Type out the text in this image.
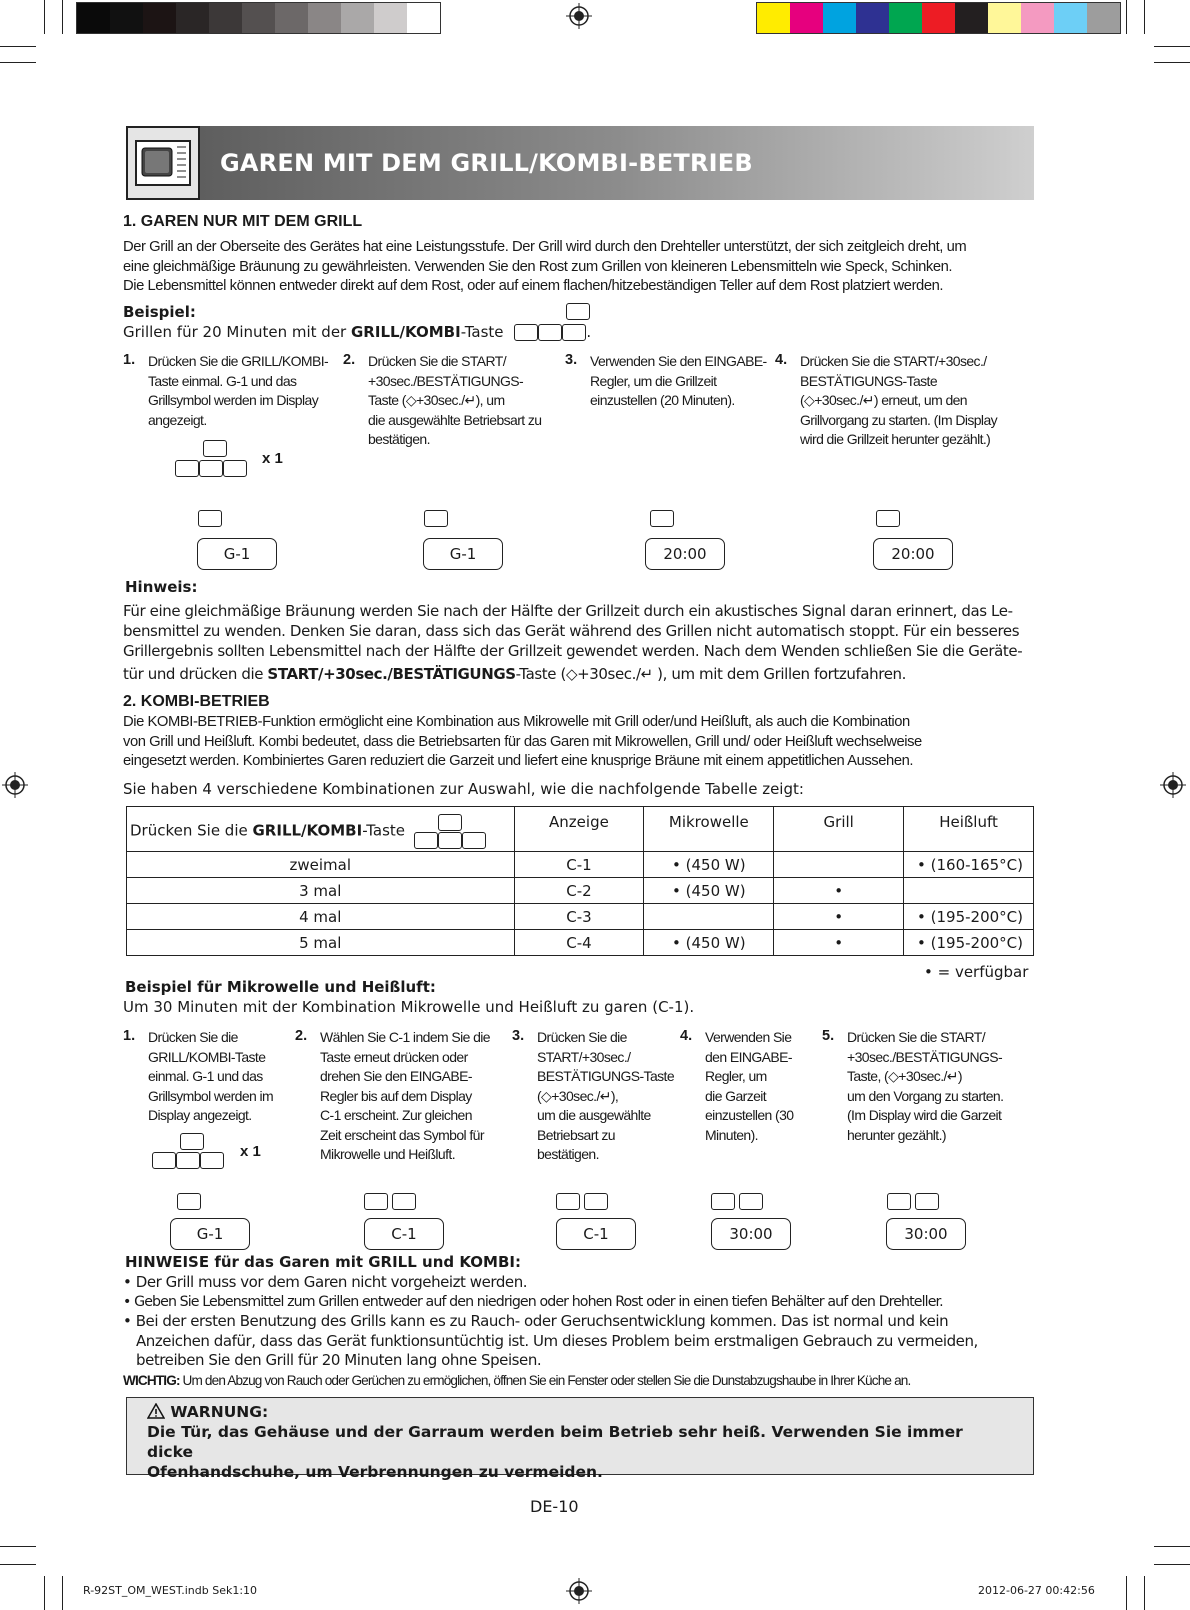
GAREN MIT DEM GRILL/KOMBI-BETRIEB
1. GAREN NUR MIT DEM GRILL
Der Grill an der Oberseite des Gerätes hat eine Leistungsstufe. Der Grill wird durch den Drehteller unterstützt, der sich zeitgleich dreht, um
eine gleichmäßige Bräunung zu gewährleisten. Verwenden Sie den Rost zum Grillen von kleineren Lebensmitteln wie Speck, Schinken.
Die Lebensmittel können entweder direkt auf dem Rost, oder auf einem flachen/hitzebeständigen Teller auf dem Rost platziert werden.
Beispiel:
Grillen für 20 Minuten mit der GRILL/KOMBI-Taste	.
1. Drücken Sie die GRILL/KOMBI-
Taste einmal. G-1 und das
Grillsymbol werden im Display
angezeigt.
x 1
2. Drücken Sie die START/
+30sec./BESTÄTIGUNGS-
Taste (◇+30sec./↵), um
die ausgewählte Betriebsart zu
bestätigen.
3. Verwenden Sie den EINGABE-
Regler, um die Grillzeit
einzustellen (20 Minuten).
4. Drücken Sie die START/+30sec./
BESTÄTIGUNGS-Taste
(◇+30sec./↵) erneut, um den
Grillvorgang zu starten. (Im Display
wird die Grillzeit herunter gezählt.)
G-1	G-1	20:00	20:00
Hinweis:
Für eine gleichmäßige Bräunung werden Sie nach der Hälfte der Grillzeit durch ein akustisches Signal daran erinnert, das Le-
bensmittel zu wenden. Denken Sie daran, dass sich das Gerät während des Grillen nicht automatisch stoppt. Für ein besseres
Grillergebnis sollten Lebensmittel nach der Hälfte der Grillzeit gewendet werden. Nach dem Wenden schließen Sie die Geräte-
tür und drücken die START/+30sec./BESTÄTIGUNGS-Taste (◇+30sec./↵ ), um mit dem Grillen fortzufahren.
2. KOMBI-BETRIEB
Die KOMBI-BETRIEB-Funktion ermöglicht eine Kombination aus Mikrowelle mit Grill oder/und Heißluft, als auch die Kombination
von Grill und Heißluft. Kombi bedeutet, dass die Betriebsarten für das Garen mit Mikrowellen, Grill und/ oder Heißluft wechselweise
eingesetzt werden. Kombiniertes Garen reduziert die Garzeit und liefert eine knusprige Bräune mit einem appetitlichen Aussehen.
Sie haben 4 verschiedene Kombinationen zur Auswahl, wie die nachfolgende Tabelle zeigt:
Drücken Sie die GRILL/KOMBI-Taste	Anzeige	Mikrowelle	Grill	Heißluft
zweimal	C-1	• (450 W)		• (160-165°C)
3 mal	C-2	• (450 W)	•	
4 mal	C-3		•	• (195-200°C)
5 mal	C-4	• (450 W)	•	• (195-200°C)
• = verfügbar
Beispiel für Mikrowelle und Heißluft:
Um 30 Minuten mit der Kombination Mikrowelle und Heißluft zu garen (C-1).
1. Drücken Sie die
GRILL/KOMBI-Taste
einmal. G-1 und das
Grillsymbol werden im
Display angezeigt.
x 1
2. Wählen Sie C-1 indem Sie die
Taste erneut drücken oder
drehen Sie den EINGABE-
Regler bis auf dem Display
C-1 erscheint. Zur gleichen
Zeit erscheint das Symbol für
Mikrowelle und Heißluft.
3. Drücken Sie die
START/+30sec./
BESTÄTIGUNGS-Taste
(◇+30sec./↵),
um die ausgewählte
Betriebsart zu
bestätigen.
4. Verwenden Sie
den EINGABE-
Regler, um
die Garzeit
einzustellen (30
Minuten).
5. Drücken Sie die START/
+30sec./BESTÄTIGUNGS-
Taste, (◇+30sec./↵)
um den Vorgang zu starten.
(Im Display wird die Garzeit
herunter gezählt.)
G-1
	C-1
	C-1
	30:00
	30:00
HINWEISE für das Garen mit GRILL und KOMBI:
• Der Grill muss vor dem Garen nicht vorgeheizt werden.
• Geben Sie Lebensmittel zum Grillen entweder auf den niedrigen oder hohen Rost oder in einen tiefen Behälter auf den Drehteller.
• Bei der ersten Benutzung des Grills kann es zu Rauch- oder Geruchsentwicklung kommen. Das ist normal und kein
Anzeichen dafür, dass das Gerät funktionsuntüchtig ist. Um dieses Problem beim erstmaligen Gebrauch zu vermeiden,
betreiben Sie den Grill für 20 Minuten lang ohne Speisen.
WICHTIG: Um den Abzug von Rauch oder Gerüchen zu ermöglichen, öffnen Sie ein Fenster oder stellen Sie die Dunstabzugshaube in Ihrer Küche an.
WARNUNG:
Die Tür, das Gehäuse und der Garraum werden beim Betrieb sehr heiß. Verwenden Sie immer dicke
Ofenhandschuhe, um Verbrennungen zu vermeiden.
DE-10
R-92ST_OM_WEST.indb Sek1:10	2012-06-27 00:42:56
